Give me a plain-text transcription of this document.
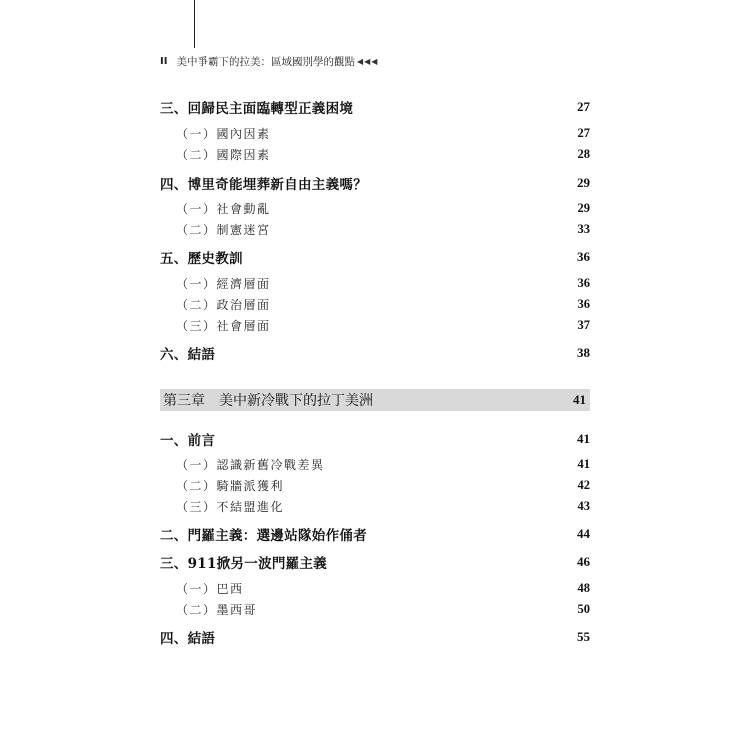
II 美中爭霸下的拉美：區域國別學的觀點 ◀◀◀
三、回歸民主面臨轉型正義困境	27
（一）國內因素	27
（二）國際因素	28
四、博里奇能埋葬新自由主義嗎？	29
（一）社會動亂	29
（二）制憲迷宮	33
五、歷史教訓	36
（一）經濟層面	36
（二）政治層面	36
（三）社會層面	37
六、結語	38
第三章 美中新冷戰下的拉丁美洲	41
一、前言	41
（一）認識新舊冷戰差異	41
（二）騎牆派獲利	42
（三）不結盟進化	43
二、門羅主義：選邊站隊始作俑者	44
三、911掀另一波門羅主義	46
（一）巴西	48
（二）墨西哥	50
四、結語	55
